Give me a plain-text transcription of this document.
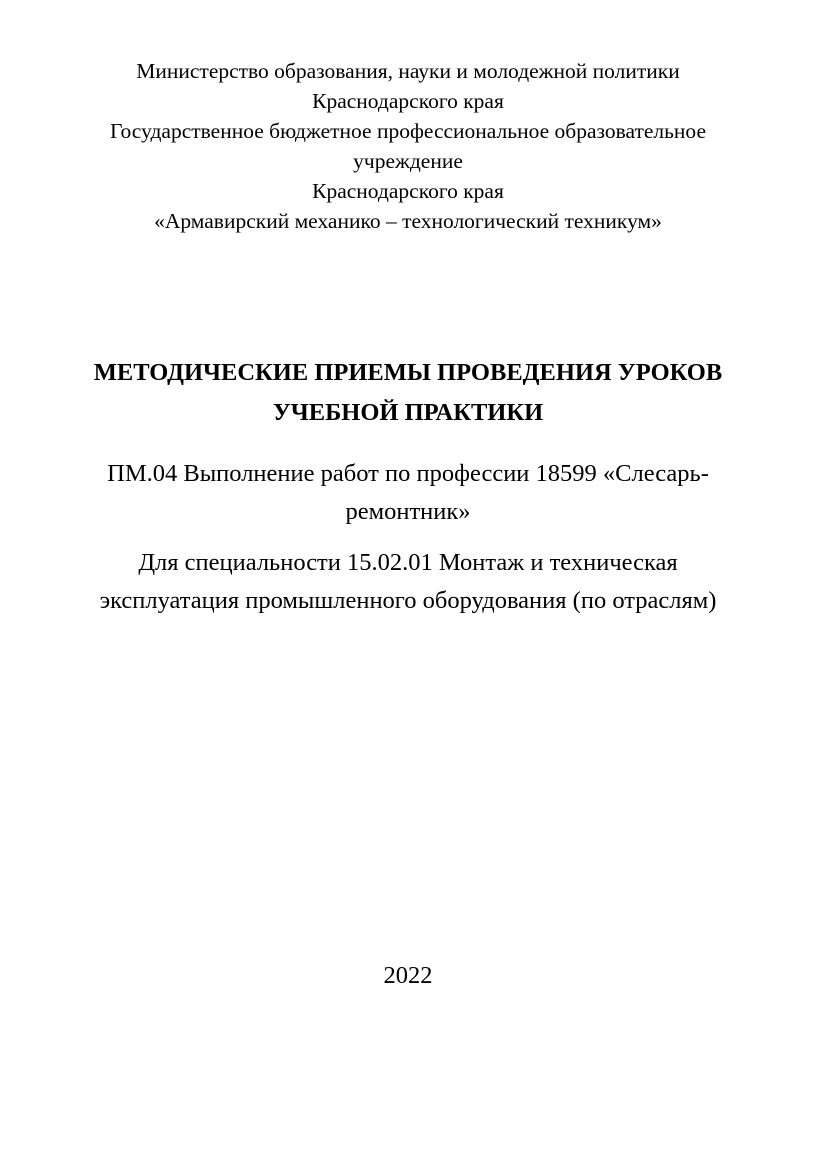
Министерство образования, науки и молодежной политики
Краснодарского края
Государственное бюджетное профессиональное образовательное
учреждение
Краснодарского края
«Армавирский механико – технологический техникум»
МЕТОДИЧЕСКИЕ ПРИЕМЫ ПРОВЕДЕНИЯ УРОКОВ
УЧЕБНОЙ ПРАКТИКИ
ПМ.04 Выполнение работ по профессии 18599 «Слесарь-
ремонтник»
Для специальности 15.02.01 Монтаж и техническая
эксплуатация промышленного оборудования (по отраслям)
2022
